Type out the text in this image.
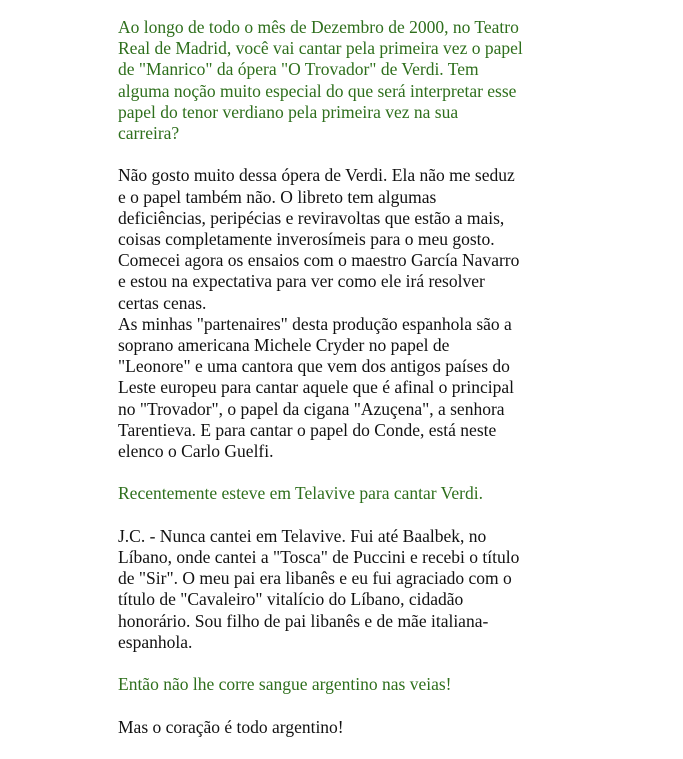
Ao longo de todo o mês de Dezembro de 2000, no Teatro
Real de Madrid, você vai cantar pela primeira vez o papel
de "Manrico" da ópera "O Trovador" de Verdi. Tem
alguma noção muito especial do que será interpretar esse
papel do tenor verdiano pela primeira vez na sua
carreira?
Não gosto muito dessa ópera de Verdi. Ela não me seduz
e o papel também não. O libreto tem algumas
deficiências, peripécias e reviravoltas que estão a mais,
coisas completamente inverosímeis para o meu gosto.
Comecei agora os ensaios com o maestro García Navarro
e estou na expectativa para ver como ele irá resolver
certas cenas.
As minhas "partenaires" desta produção espanhola são a
soprano americana Michele Cryder no papel de
"Leonore" e uma cantora que vem dos antigos países do
Leste europeu para cantar aquele que é afinal o principal
no "Trovador", o papel da cigana "Azuçena", a senhora
Tarentieva. E para cantar o papel do Conde, está neste
elenco o Carlo Guelfi.
Recentemente esteve em Telavive para cantar Verdi.
J.C. - Nunca cantei em Telavive. Fui até Baalbek, no
Líbano, onde cantei a "Tosca" de Puccini e recebi o título
de "Sir". O meu pai era libanês e eu fui agraciado com o
título de "Cavaleiro" vitalício do Líbano, cidadão
honorário. Sou filho de pai libanês e de mãe italiana-
espanhola.
Então não lhe corre sangue argentino nas veias!
Mas o coração é todo argentino!
